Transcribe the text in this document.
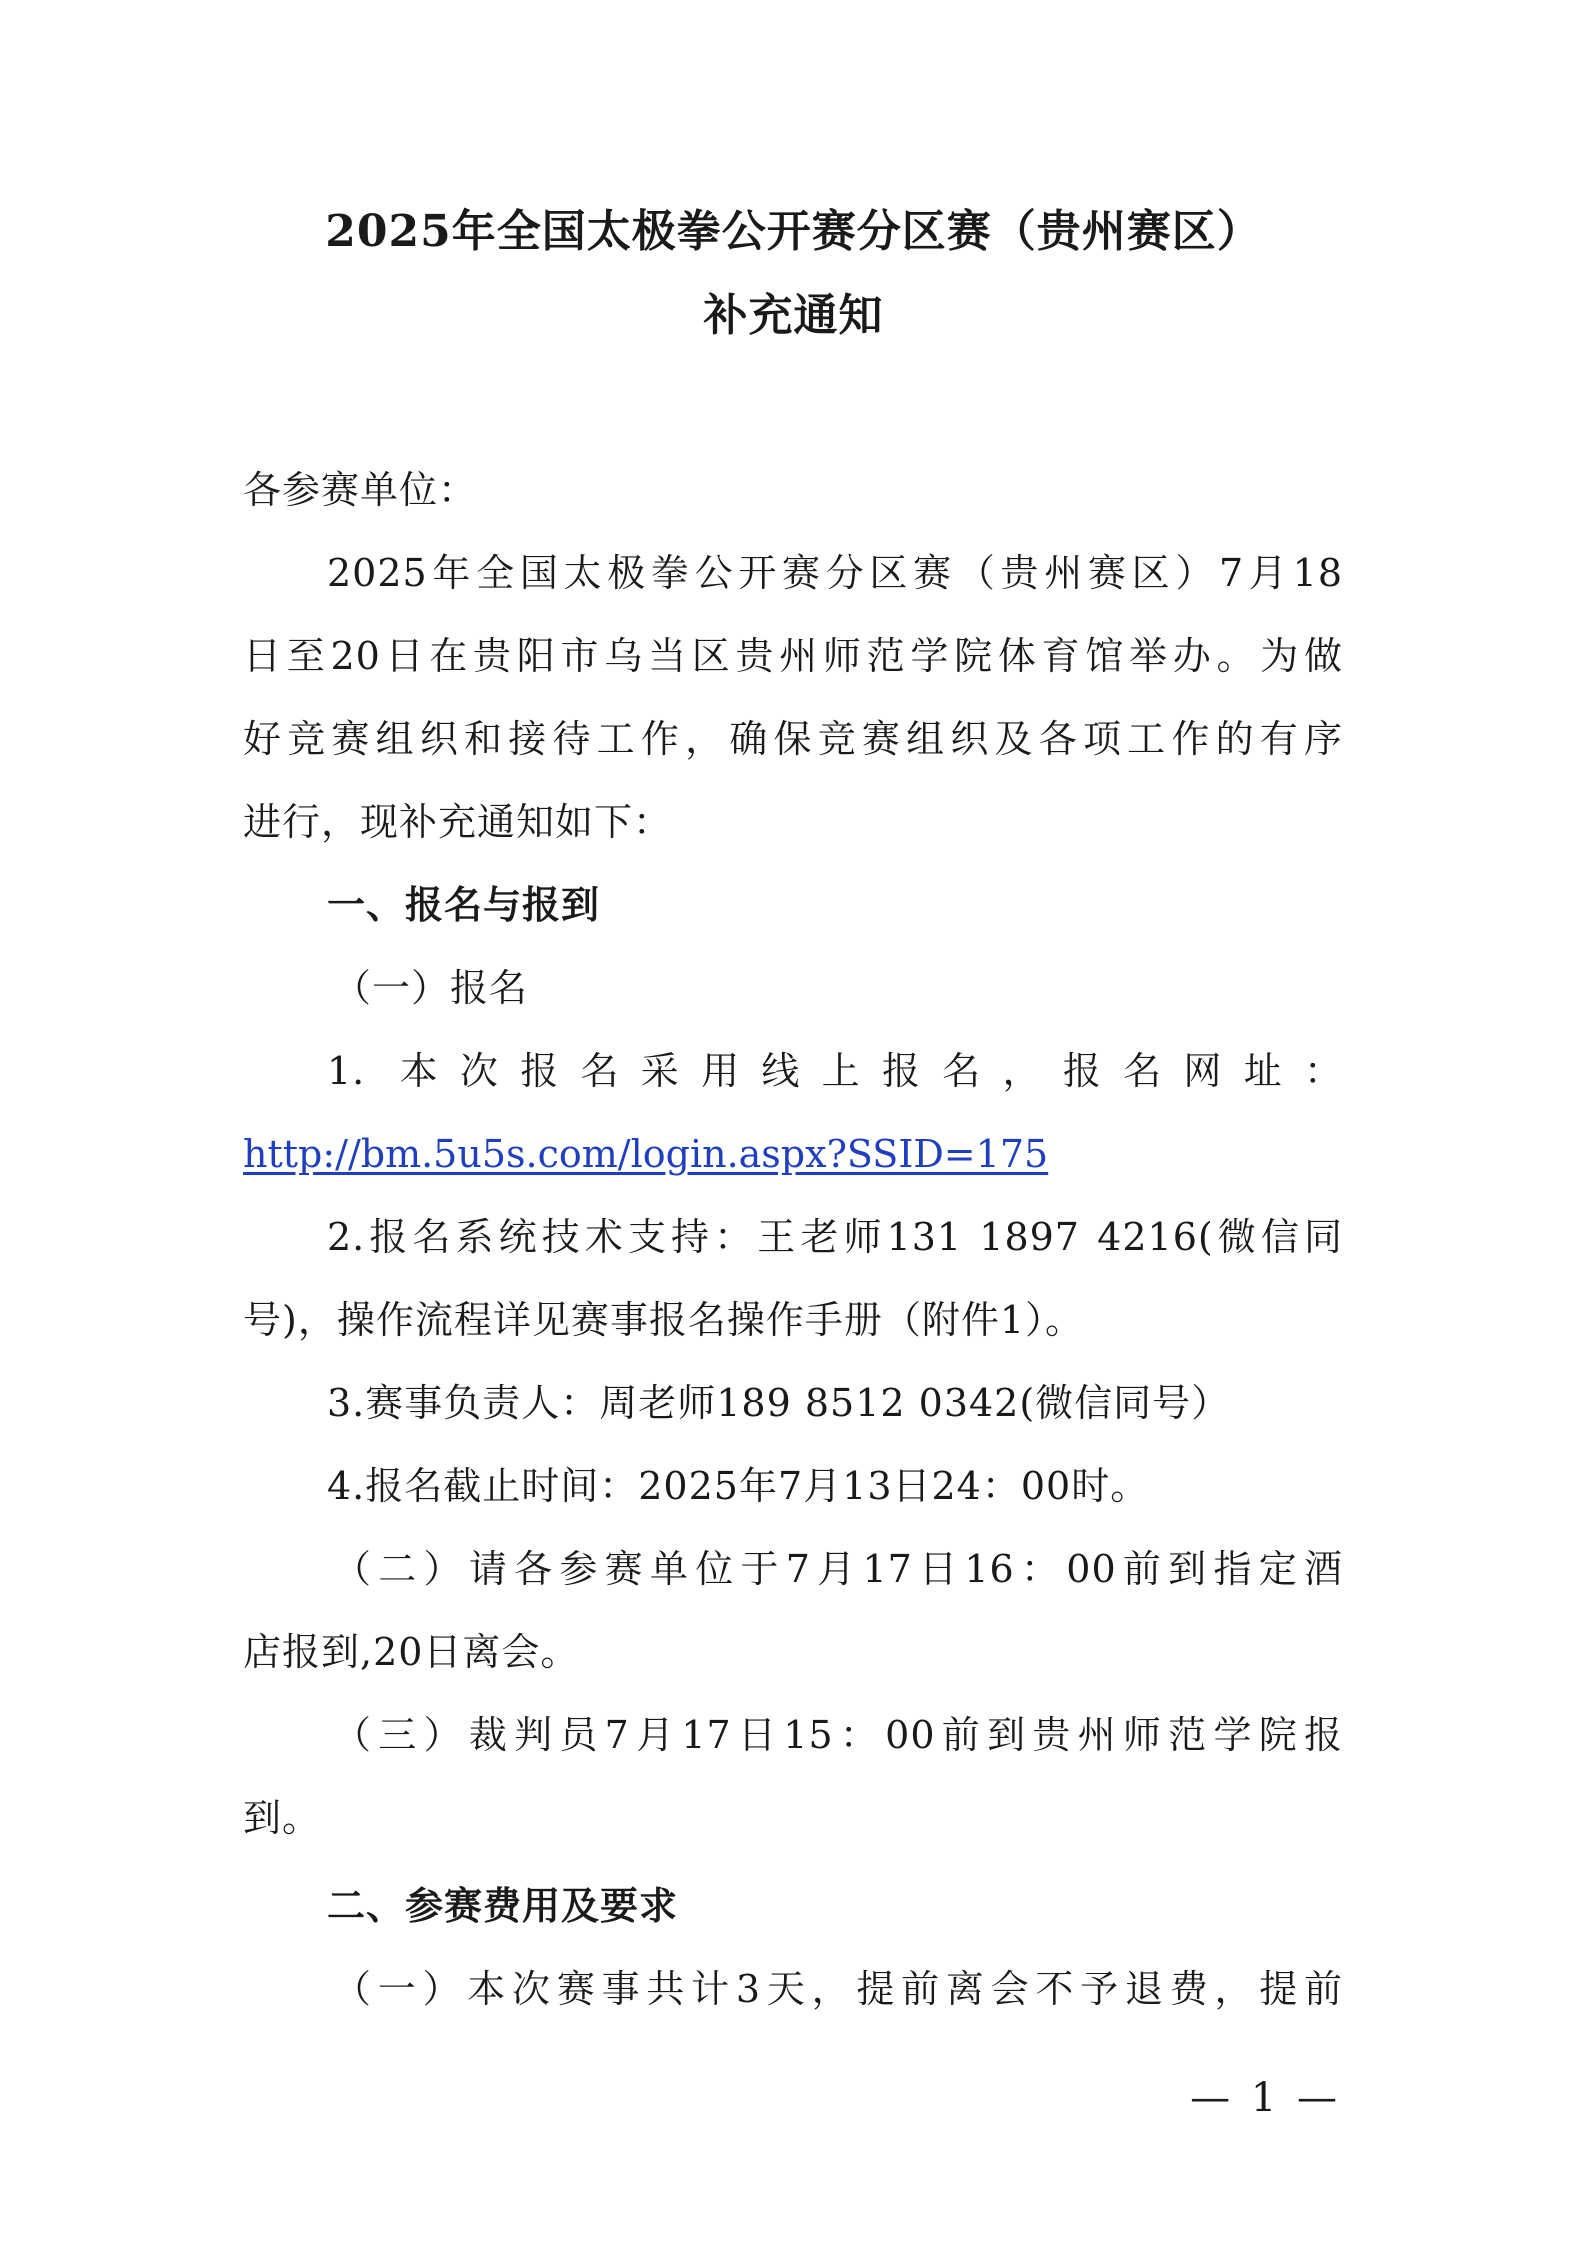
2025年全国太极拳公开赛分区赛（贵州赛区）
补充通知
各参赛单位：
2025年全国太极拳公开赛分区赛（贵州赛区）7月18
日至20日在贵阳市乌当区贵州师范学院体育馆举办。为做
好竞赛组织和接待工作，确保竞赛组织及各项工作的有序
进行，现补充通知如下：
一、报名与报到
（一）报名
1. 本次报名采用线上报名，报名网址：
http://bm.5u5s.com/login.aspx?SSID=175
2.报名系统技术支持：王老师131 1897 4216(微信同
号)，操作流程详见赛事报名操作手册（附件1）。
3.赛事负责人：周老师189 8512 0342(微信同号）
4.报名截止时间：2025年7月13日24：00时。
（二）请各参赛单位于7月17日16：00前到指定酒
店报到,20日离会。
（三）裁判员7月17日15：00前到贵州师范学院报
到。
二、参赛费用及要求
（一）本次赛事共计3天，提前离会不予退费，提前
— 1 —
